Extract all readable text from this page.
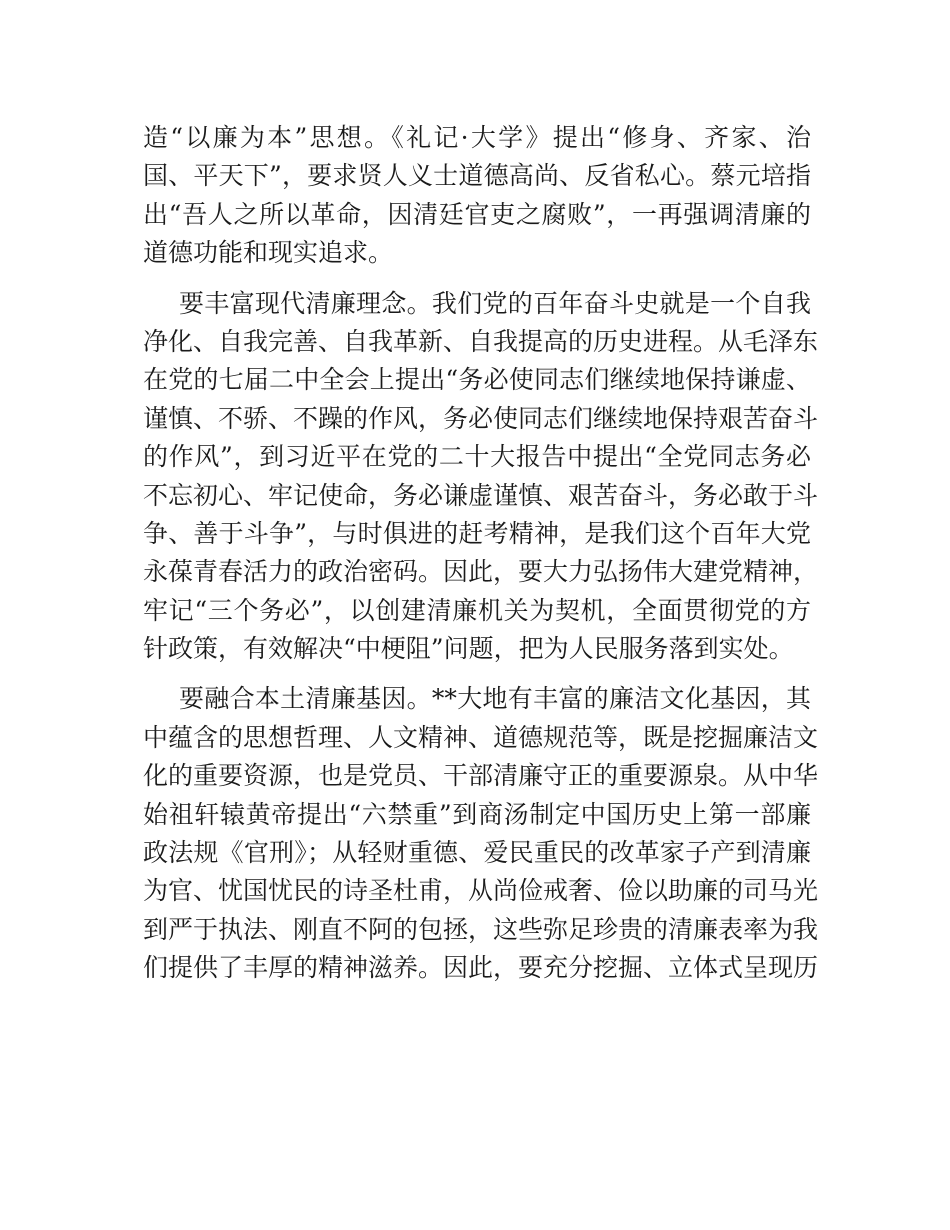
造“以廉为本”思想。《礼记·大学》提出“修身、齐家、治
国、平天下”，要求贤人义士道德高尚、反省私心。蔡元培指
出“吾人之所以革命，因清廷官吏之腐败”，一再强调清廉的
道德功能和现实追求。
要丰富现代清廉理念。我们党的百年奋斗史就是一个自我
净化、自我完善、自我革新、自我提高的历史进程。从毛泽东
在党的七届二中全会上提出“务必使同志们继续地保持谦虚、
谨慎、不骄、不躁的作风，务必使同志们继续地保持艰苦奋斗
的作风”，到习近平在党的二十大报告中提出“全党同志务必
不忘初心、牢记使命，务必谦虚谨慎、艰苦奋斗，务必敢于斗
争、善于斗争”，与时俱进的赶考精神，是我们这个百年大党
永葆青春活力的政治密码。因此，要大力弘扬伟大建党精神，
牢记“三个务必”，以创建清廉机关为契机，全面贯彻党的方
针政策，有效解决“中梗阻”问题，把为人民服务落到实处。
要融合本土清廉基因。**大地有丰富的廉洁文化基因，其
中蕴含的思想哲理、人文精神、道德规范等，既是挖掘廉洁文
化的重要资源，也是党员、干部清廉守正的重要源泉。从中华
始祖轩辕黄帝提出“六禁重”到商汤制定中国历史上第一部廉
政法规《官刑》；从轻财重德、爱民重民的改革家子产到清廉
为官、忧国忧民的诗圣杜甫，从尚俭戒奢、俭以助廉的司马光
到严于执法、刚直不阿的包拯，这些弥足珍贵的清廉表率为我
们提供了丰厚的精神滋养。因此，要充分挖掘、立体式呈现历
